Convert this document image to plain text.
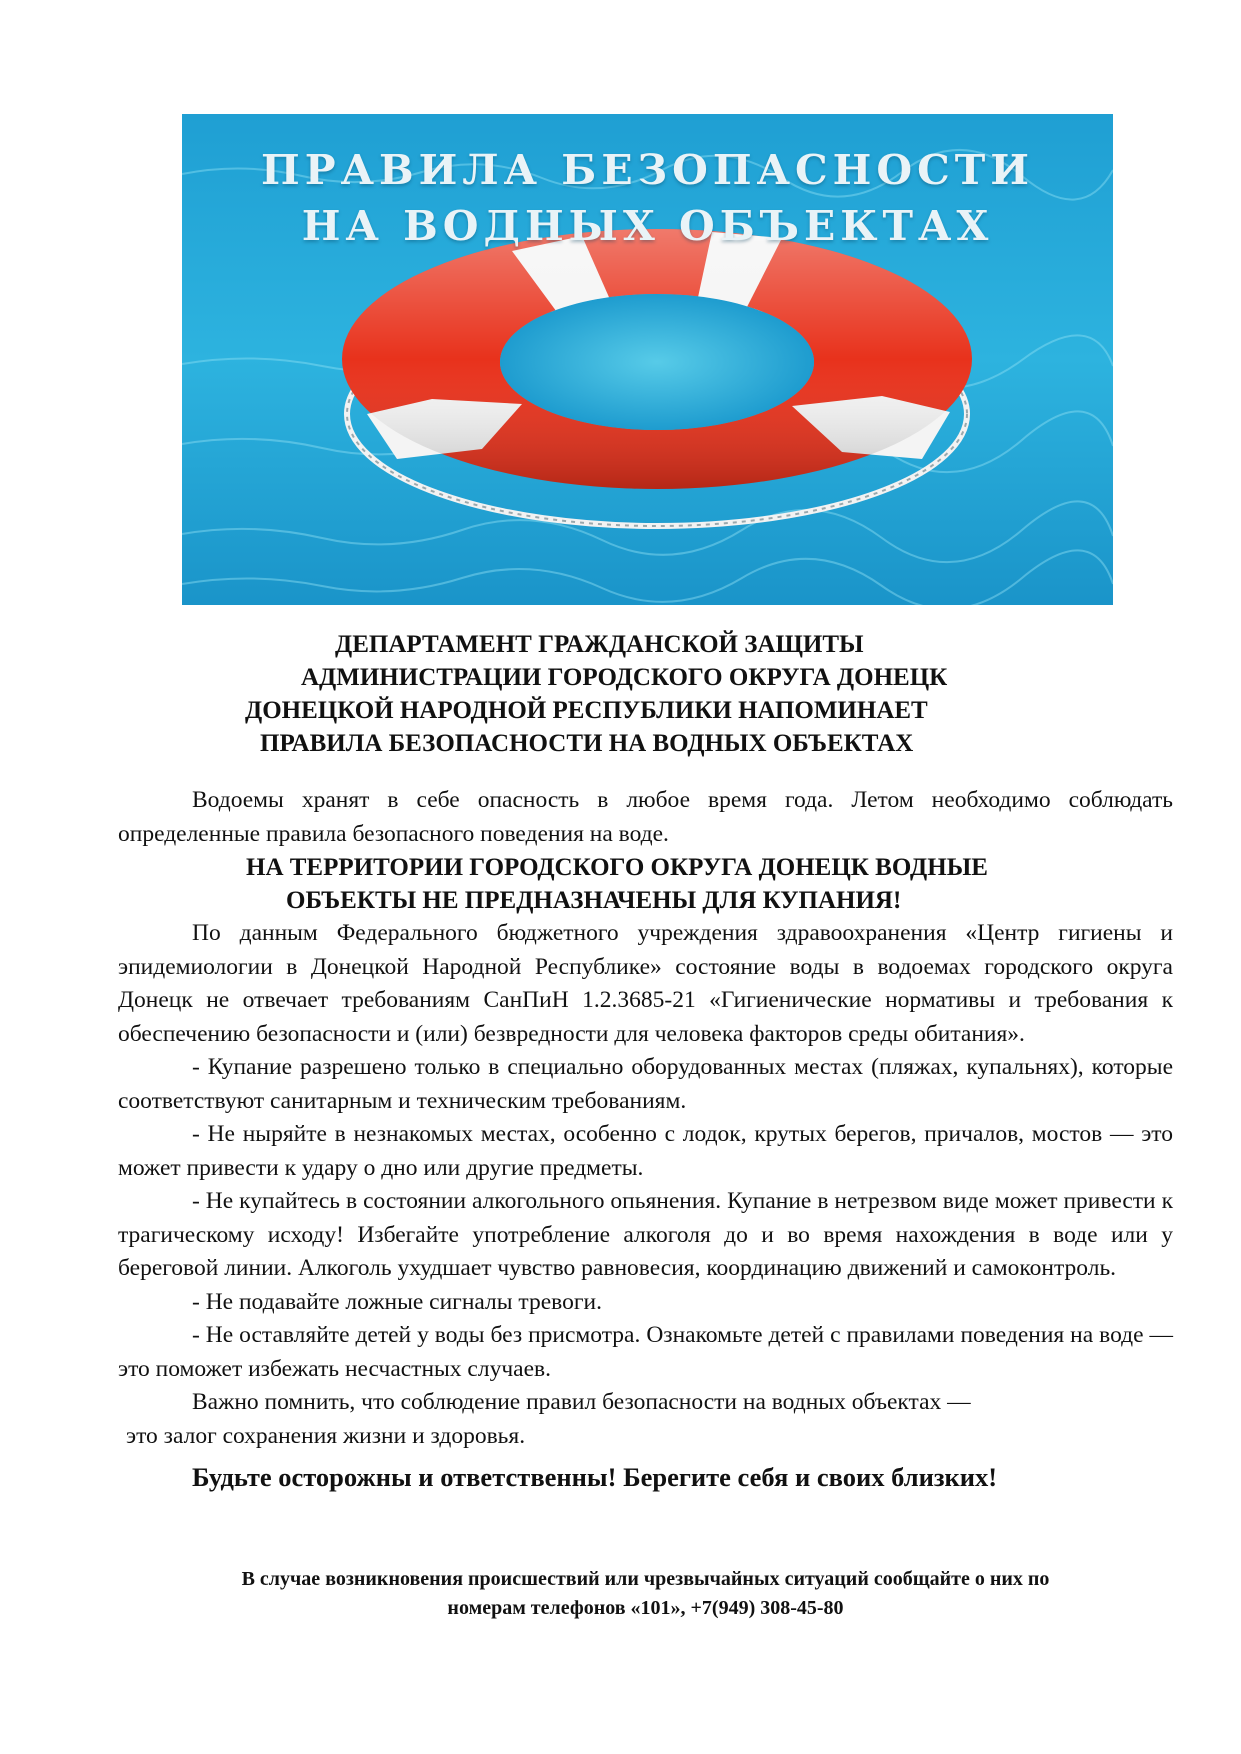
ПРАВИЛА БЕЗОПАСНОСТИ
НА ВОДНЫХ ОБЪЕКТАХ
ДЕПАРТАМЕНТ ГРАЖДАНСКОЙ ЗАЩИТЫ
АДМИНИСТРАЦИИ ГОРОДСКОГО ОКРУГА ДОНЕЦК
ДОНЕЦКОЙ НАРОДНОЙ РЕСПУБЛИКИ НАПОМИНАЕТ
ПРАВИЛА БЕЗОПАСНОСТИ НА ВОДНЫХ ОБЪЕКТАХ

Водоемы хранят в себе опасность в любое время года. Летом необходимо соблюдать определенные правила безопасного поведения на воде.

НА ТЕРРИТОРИИ ГОРОДСКОГО ОКРУГА ДОНЕЦК ВОДНЫЕ
ОБЪЕКТЫ НЕ ПРЕДНАЗНАЧЕНЫ ДЛЯ КУПАНИЯ!

По данным Федерального бюджетного учреждения здравоохранения «Центр гигиены и эпидемиологии в Донецкой Народной Республике» состояние воды в водоемах городского округа Донецк не отвечает требованиям СанПиН 1.2.3685-21 «Гигиенические нормативы и требования к обеспечению безопасности и (или) безвредности для человека факторов среды обитания».

- Купание разрешено только в специально оборудованных местах (пляжах, купальнях), которые соответствуют санитарным и техническим требованиям.

- Не ныряйте в незнакомых местах, особенно с лодок, крутых берегов, причалов, мостов — это может привести к удару о дно или другие предметы.

- Не купайтесь в состоянии алкогольного опьянения. Купание в нетрезвом виде может привести к трагическому исходу! Избегайте употребление алкоголя до и во время нахождения в воде или у береговой линии. Алкоголь ухудшает чувство равновесия, координацию движений и самоконтроль.

- Не подавайте ложные сигналы тревоги.

- Не оставляйте детей у воды без присмотра. Ознакомьте детей с правилами поведения на воде — это поможет избежать несчастных случаев.

Важно помнить, что соблюдение правил безопасности на водных объектах —

это залог сохранения жизни и здоровья.

Будьте осторожны и ответственны! Берегите себя и своих близких!

В случае возникновения происшествий или чрезвычайных ситуаций сообщайте о них по
номерам телефонов «101», +7(949) 308-45-80
